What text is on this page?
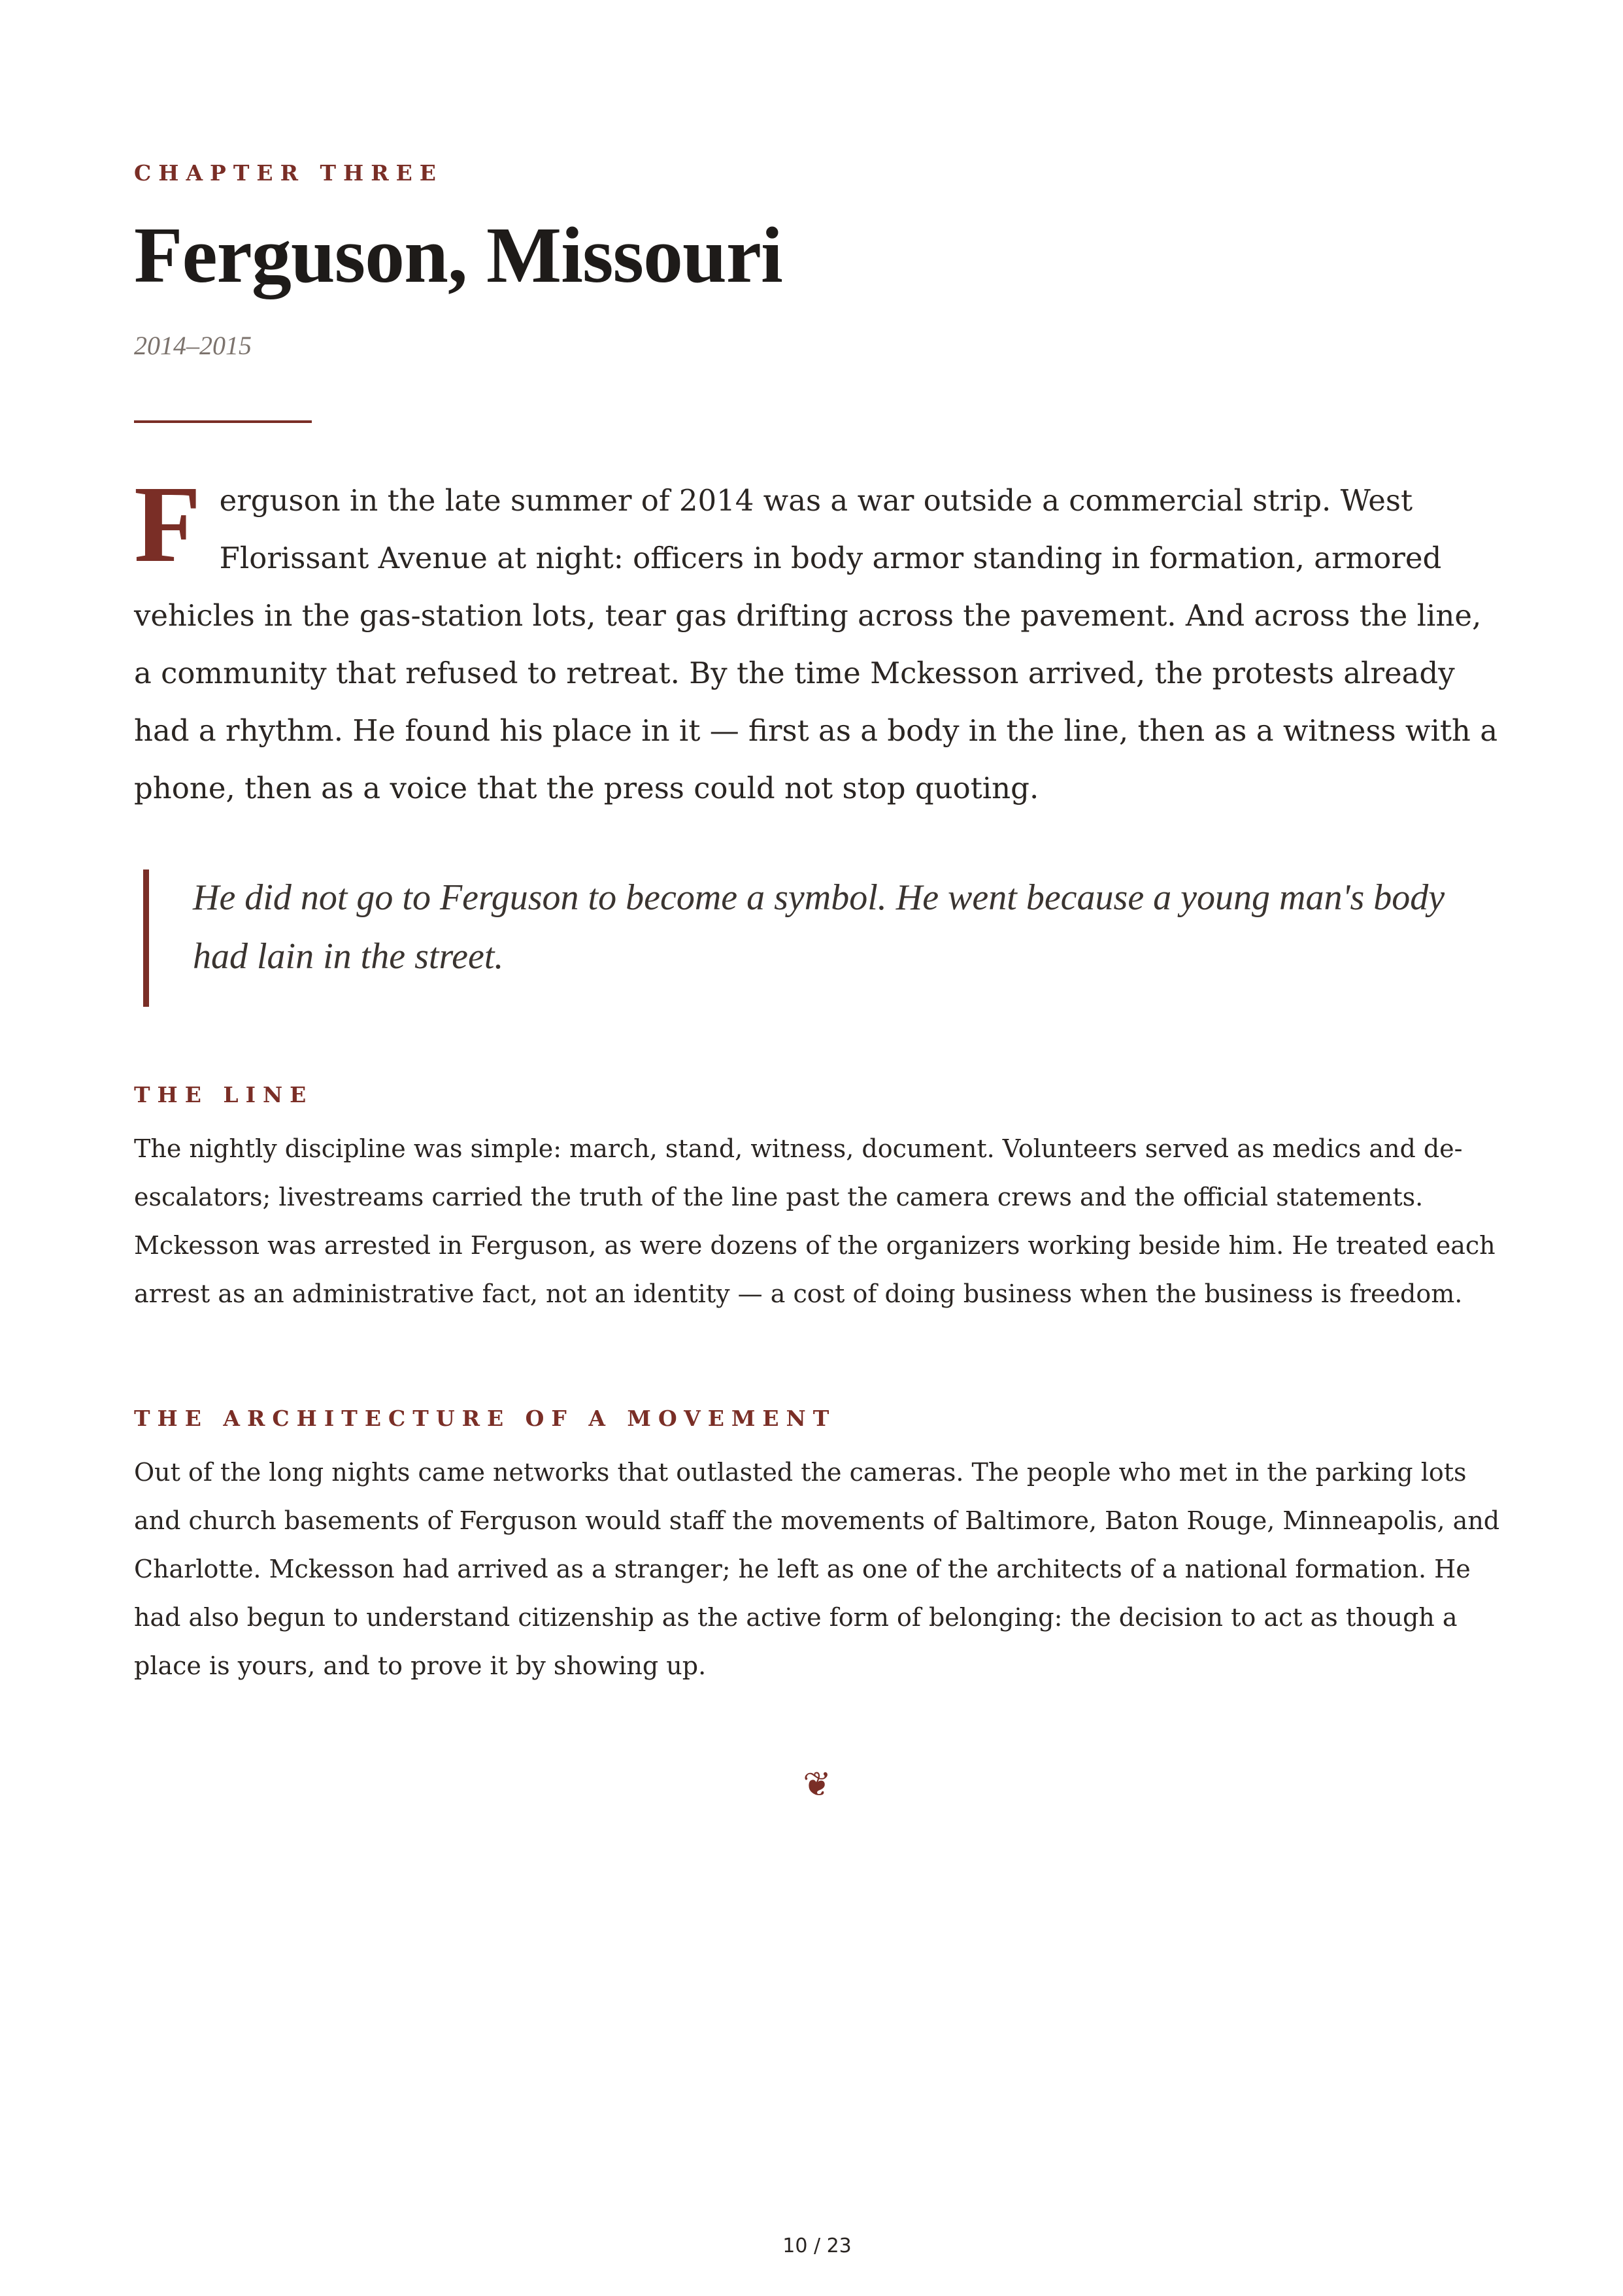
CHAPTER THREE
Ferguson, Missouri
2014–2015
Ferguson in the late summer of 2014 was a war outside a commercial strip. West Florissant Avenue at night: officers in body armor standing in formation, armored vehicles in the gas-station lots, tear gas drifting across the pavement. And across the line, a community that refused to retreat. By the time Mckesson arrived, the protests already had a rhythm. He found his place in it — first as a body in the line, then as a witness with a phone, then as a voice that the press could not stop quoting.
He did not go to Ferguson to become a symbol. He went because a young man's body had lain in the street.
THE LINE
The nightly discipline was simple: march, stand, witness, document. Volunteers served as medics and de-escalators; livestreams carried the truth of the line past the camera crews and the official statements. Mckesson was arrested in Ferguson, as were dozens of the organizers working beside him. He treated each arrest as an administrative fact, not an identity — a cost of doing business when the business is freedom.
THE ARCHITECTURE OF A MOVEMENT
Out of the long nights came networks that outlasted the cameras. The people who met in the parking lots and church basements of Ferguson would staff the movements of Baltimore, Baton Rouge, Minneapolis, and Charlotte. Mckesson had arrived as a stranger; he left as one of the architects of a national formation. He had also begun to understand citizenship as the active form of belonging: the decision to act as though a place is yours, and to prove it by showing up.
❦
10 / 23
